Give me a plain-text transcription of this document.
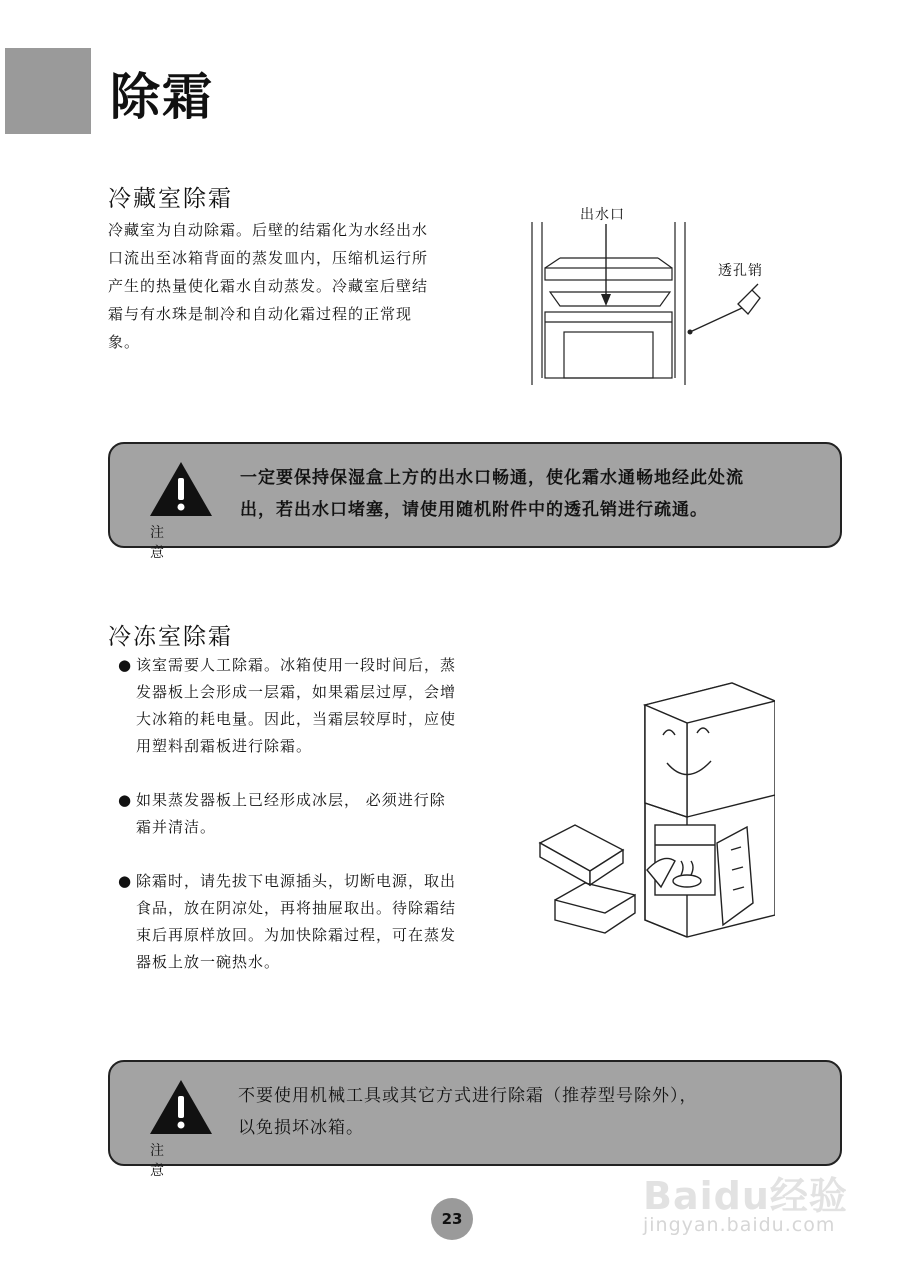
除霜
冷藏室除霜
冷藏室为自动除霜。后壁的结霜化为水经出水
口流出至冰箱背面的蒸发皿内，压缩机运行所
产生的热量使化霜水自动蒸发。冷藏室后壁结
霜与有水珠是制冷和自动化霜过程的正常现
象。
出水口
透孔销
注意
一定要保持保湿盒上方的出水口畅通，使化霜水通畅地经此处流
出，若出水口堵塞，请使用随机附件中的透孔销进行疏通。
冷冻室除霜
● 该室需要人工除霜。冰箱使用一段时间后，蒸
发器板上会形成一层霜，如果霜层过厚，会增
大冰箱的耗电量。因此，当霜层较厚时，应使
用塑料刮霜板进行除霜。
● 如果蒸发器板上已经形成冰层， 必须进行除
霜并清洁。
● 除霜时，请先拔下电源插头，切断电源，取出
食品，放在阴凉处，再将抽屉取出。待除霜结
束后再原样放回。为加快除霜过程，可在蒸发
器板上放一碗热水。
注意
不要使用机械工具或其它方式进行除霜（推荐型号除外），
以免损坏冰箱。
23
Baidu经验
jingyan.baidu.com
